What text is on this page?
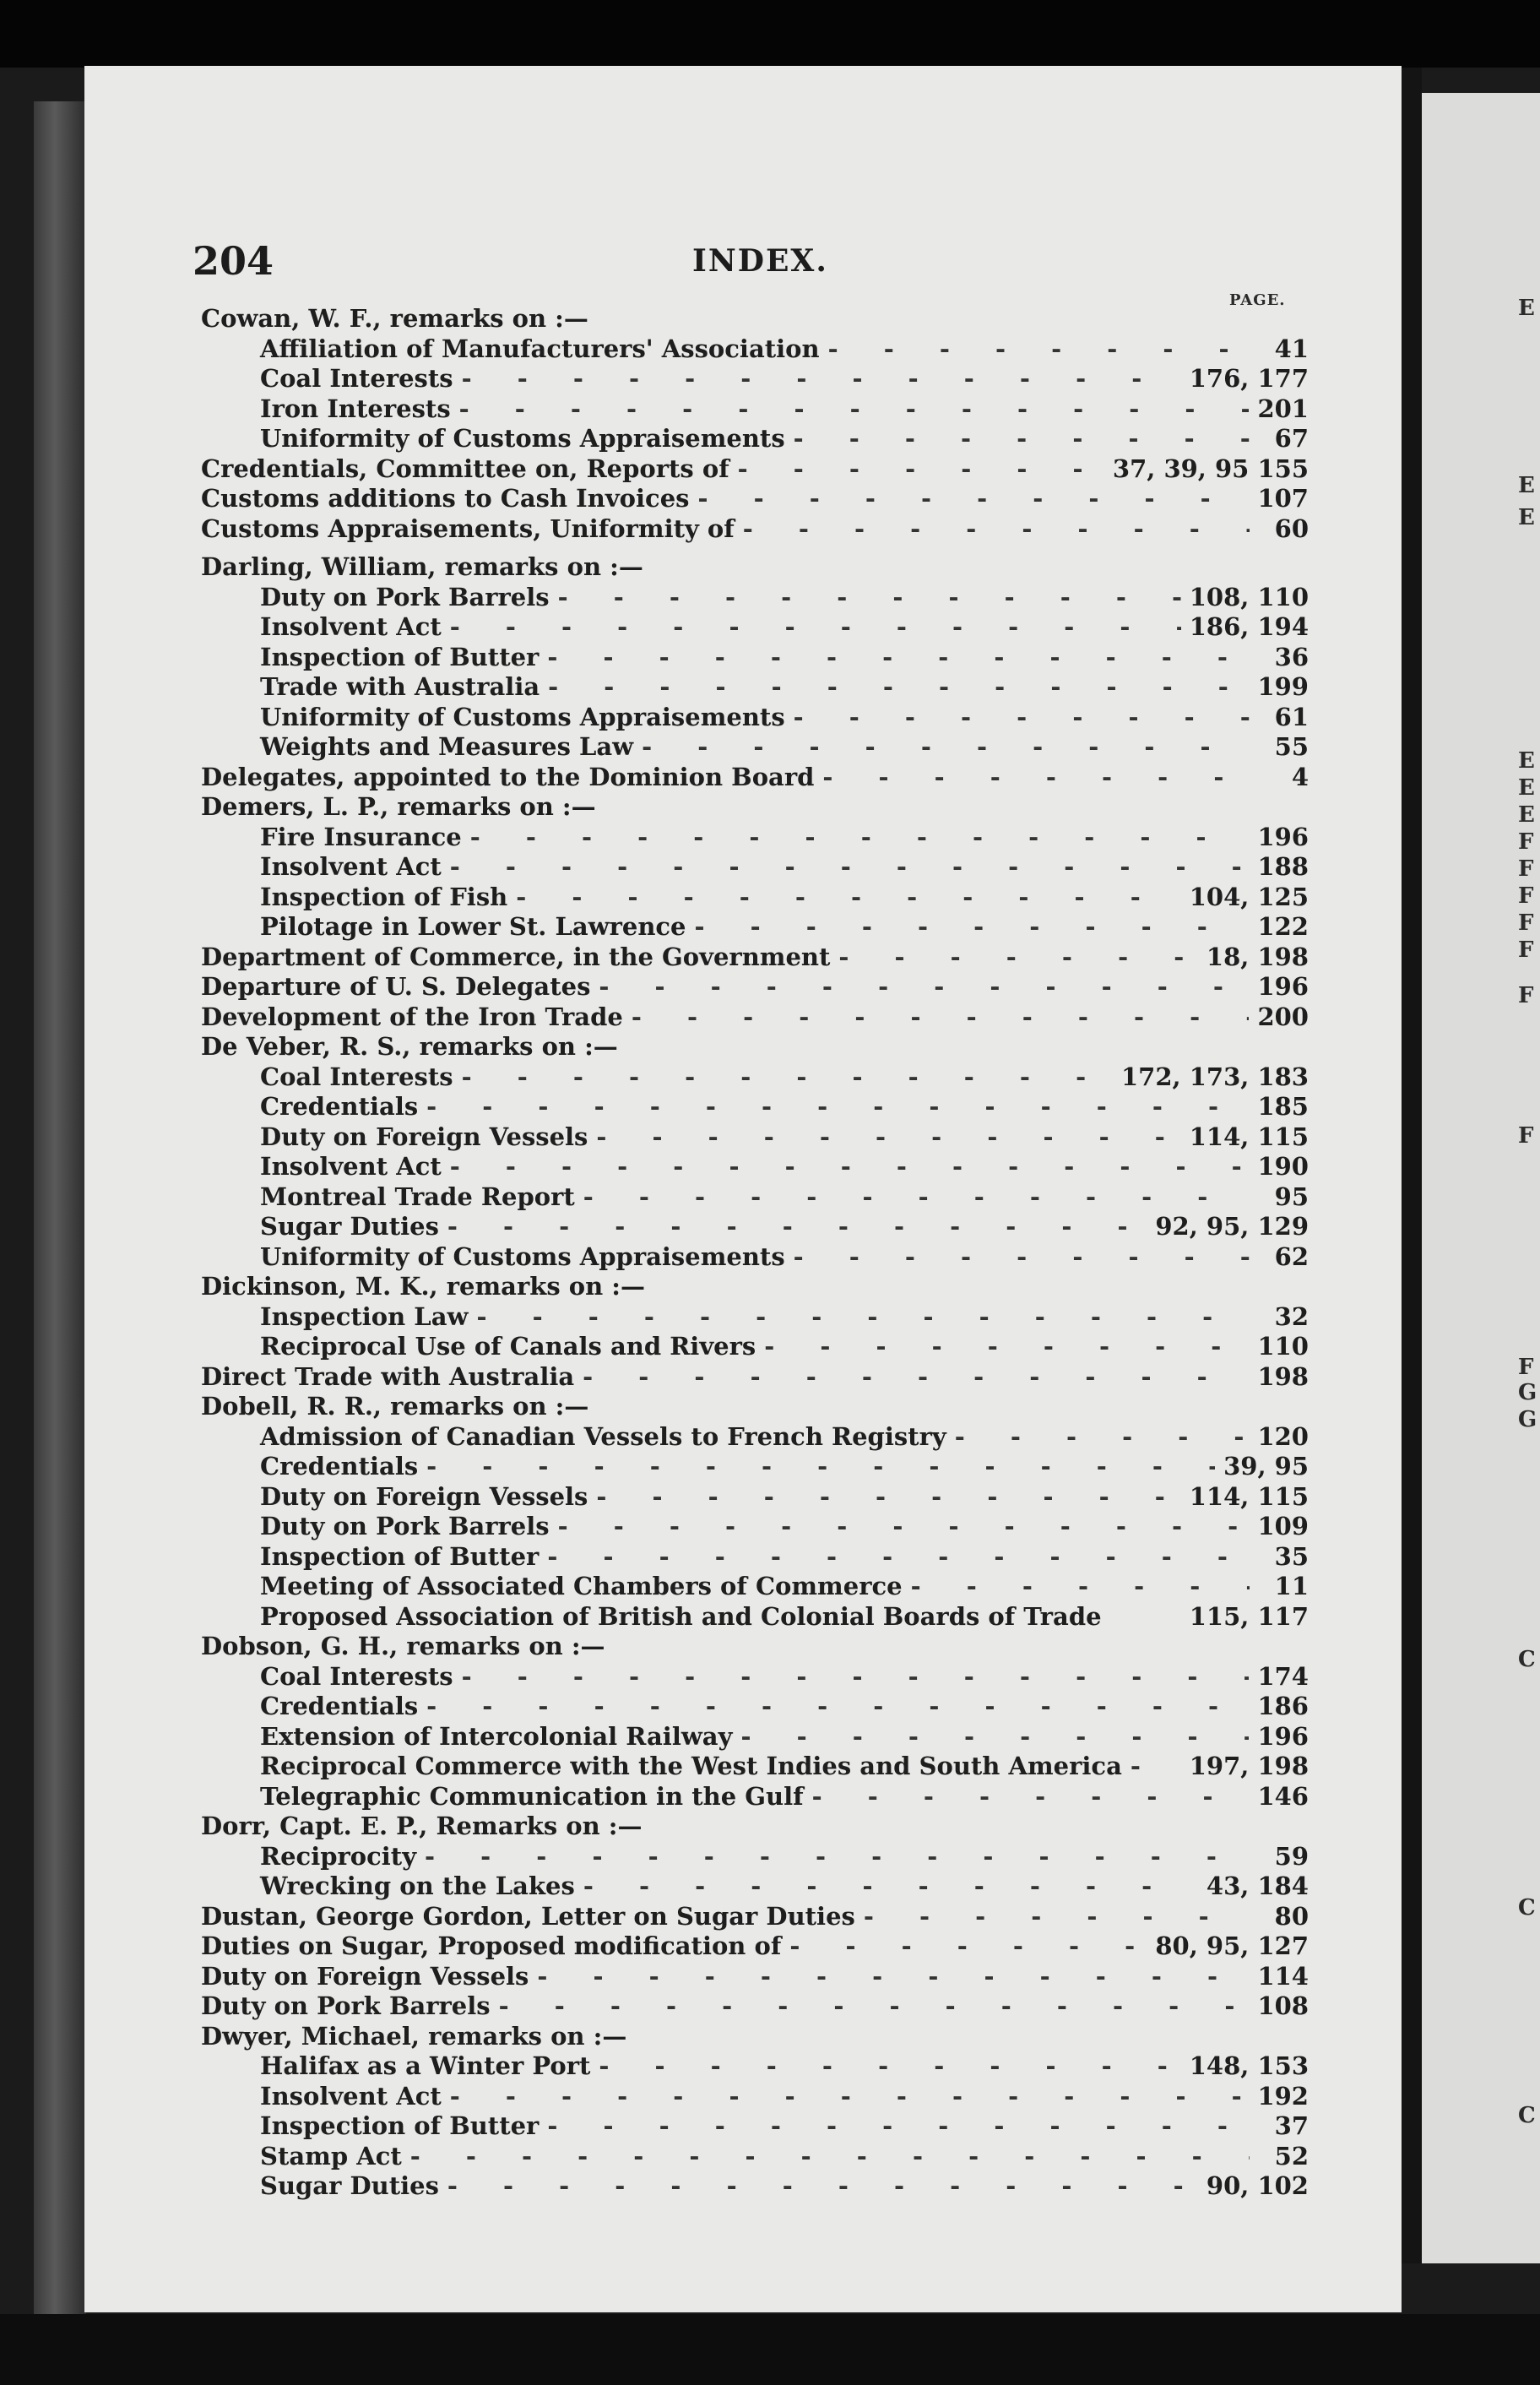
E
E
E
E
E
E
F
F
F
F
F
F
F
F
G
G
C
C
C
204	INDEX.
PAGE.
Cowan, W. F., remarks on :—
Affiliation of Manufacturers' Association - - -	41
Coal Interests - - -	176, 177
Iron Interests - - -	201
Uniformity of Customs Appraisements - - -	67
Credentials, Committee on, Reports of - - -	37, 39, 95 155
Customs additions to Cash Invoices - - -	107
Customs Appraisements, Uniformity of - - -	60
Darling, William, remarks on :—
Duty on Pork Barrels - - -	108, 110
Insolvent Act - - -	186, 194
Inspection of Butter - - -	36
Trade with Australia - - -	199
Uniformity of Customs Appraisements - - -	61
Weights and Measures Law - - -	55
Delegates, appointed to the Dominion Board - - -	4
Demers, L. P., remarks on :—
Fire Insurance - - -	196
Insolvent Act - - -	188
Inspection of Fish - - -	104, 125
Pilotage in Lower St. Lawrence - - -	122
Department of Commerce, in the Government - - -	18, 198
Departure of U. S. Delegates - - -	196
Development of the Iron Trade - - -	200
De Veber, R. S., remarks on :—
Coal Interests - - -	172, 173, 183
Credentials - - -	185
Duty on Foreign Vessels - - -	114, 115
Insolvent Act - - -	190
Montreal Trade Report - - -	95
Sugar Duties - - -	92, 95, 129
Uniformity of Customs Appraisements - - -	62
Dickinson, M. K., remarks on :—
Inspection Law - - -	32
Reciprocal Use of Canals and Rivers - - -	110
Direct Trade with Australia - - -	198
Dobell, R. R., remarks on :—
Admission of Canadian Vessels to French Registry - - -	120
Credentials - - -	39, 95
Duty on Foreign Vessels - - -	114, 115
Duty on Pork Barrels - - -	109
Inspection of Butter - - -	35
Meeting of Associated Chambers of Commerce - - -	11
Proposed Association of British and Colonial Boards of Trade	115, 117
Dobson, G. H., remarks on :—
Coal Interests - - -	174
Credentials - - -	186
Extension of Intercolonial Railway - - -	196
Reciprocal Commerce with the West Indies and South America - - -	197, 198
Telegraphic Communication in the Gulf - - -	146
Dorr, Capt. E. P., Remarks on :—
Reciprocity - - -	59
Wrecking on the Lakes - - -	43, 184
Dustan, George Gordon, Letter on Sugar Duties - - -	80
Duties on Sugar, Proposed modification of - - -	80, 95, 127
Duty on Foreign Vessels - - -	114
Duty on Pork Barrels - - -	108
Dwyer, Michael, remarks on :—
Halifax as a Winter Port - - -	148, 153
Insolvent Act - - -	192
Inspection of Butter - - -	37
Stamp Act - - -	52
Sugar Duties - - -	90, 102
